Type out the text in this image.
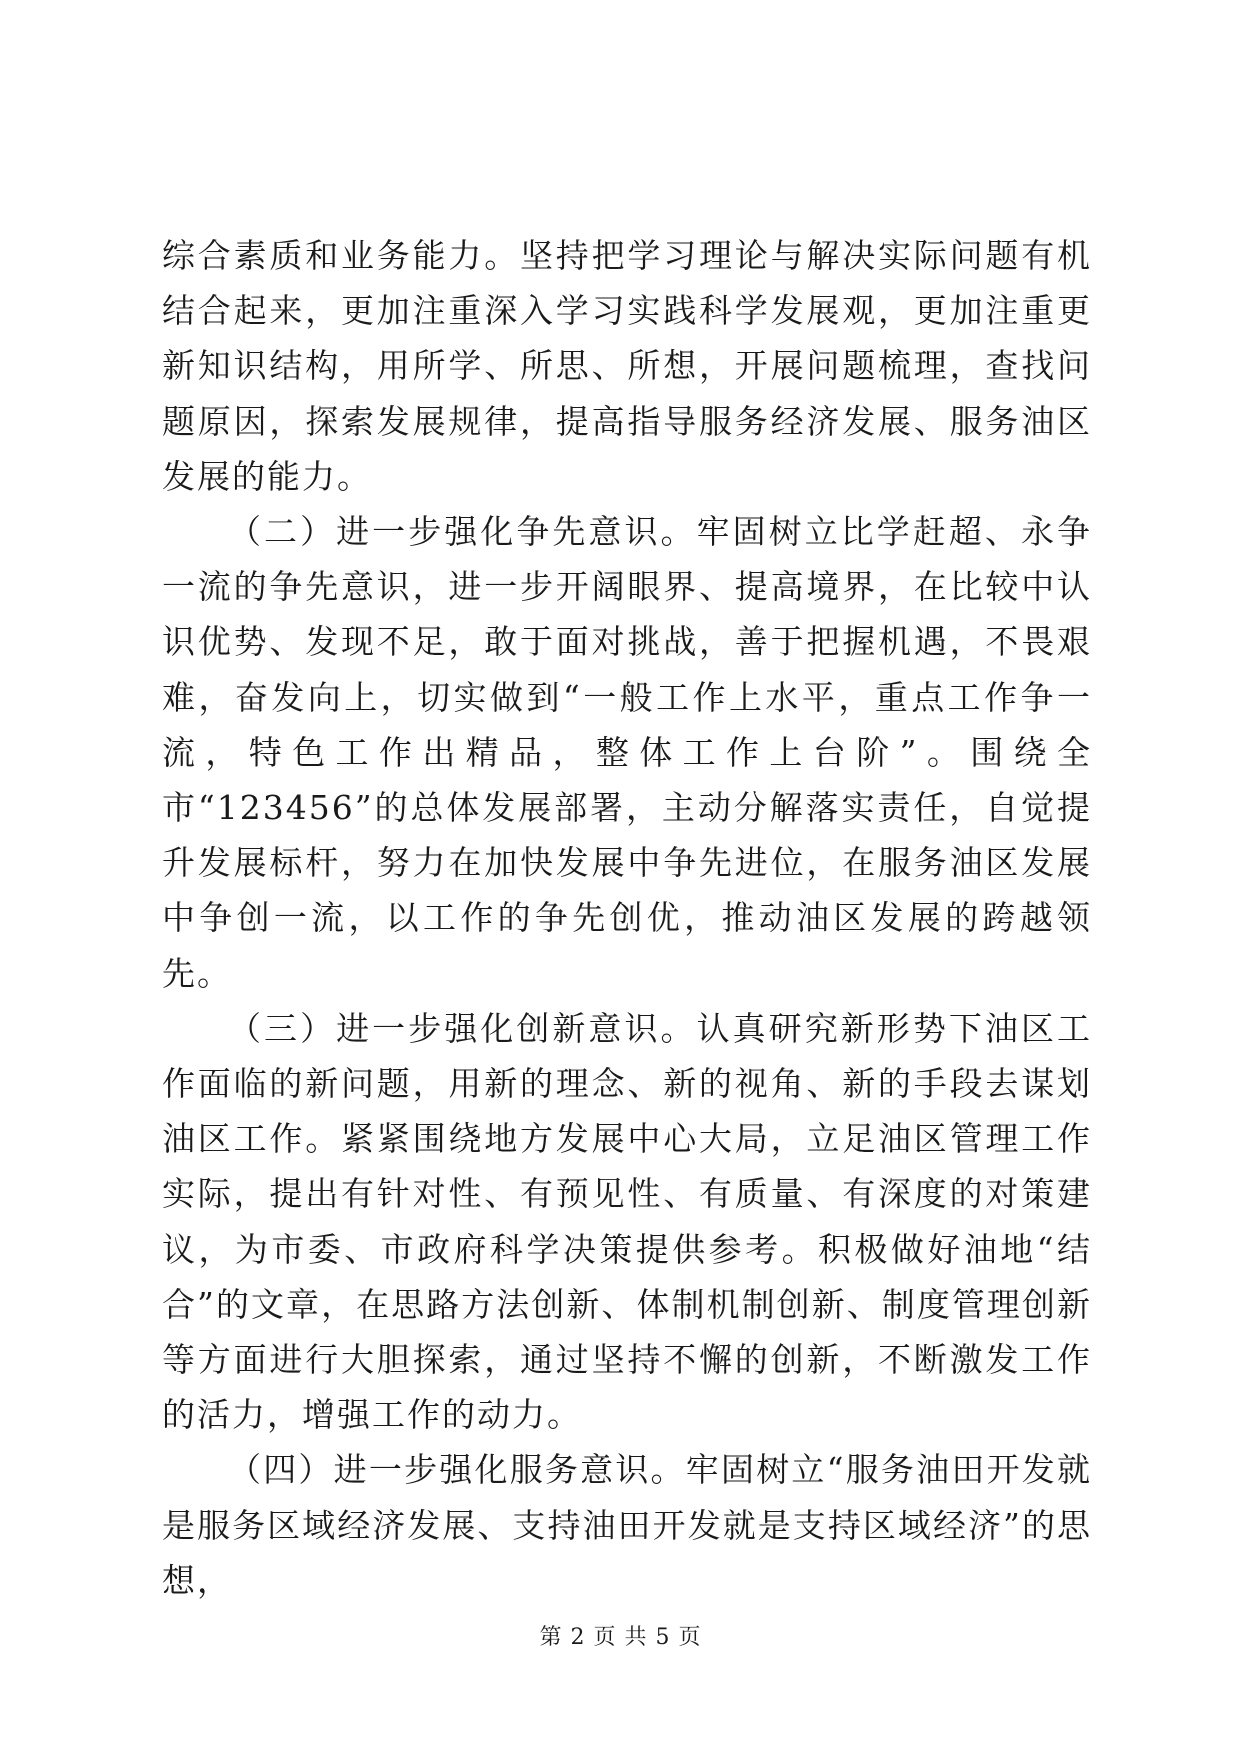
综合素质和业务能力。坚持把学习理论与解决实际问题有机结合起来，更加注重深入学习实践科学发展观，更加注重更新知识结构，用所学、所思、所想，开展问题梳理，查找问题原因，探索发展规律，提高指导服务经济发展、服务油区发展的能力。

（二）进一步强化争先意识。牢固树立比学赶超、永争一流的争先意识，进一步开阔眼界、提高境界，在比较中认识优势、发现不足，敢于面对挑战，善于把握机遇，不畏艰难，奋发向上，切实做到“一般工作上水平，重点工作争一流，特色工作出精品，整体工作上台阶”。围绕全市“123456”的总体发展部署，主动分解落实责任，自觉提升发展标杆，努力在加快发展中争先进位，在服务油区发展中争创一流，以工作的争先创优，推动油区发展的跨越领先。

（三）进一步强化创新意识。认真研究新形势下油区工作面临的新问题，用新的理念、新的视角、新的手段去谋划油区工作。紧紧围绕地方发展中心大局，立足油区管理工作实际，提出有针对性、有预见性、有质量、有深度的对策建议，为市委、市政府科学决策提供参考。积极做好油地“结合”的文章，在思路方法创新、体制机制创新、制度管理创新等方面进行大胆探索，通过坚持不懈的创新，不断激发工作的活力，增强工作的动力。

（四）进一步强化服务意识。牢固树立“服务油田开发就是服务区域经济发展、支持油田开发就是支持区域经济”的思想，

第 2 页 共 5 页
